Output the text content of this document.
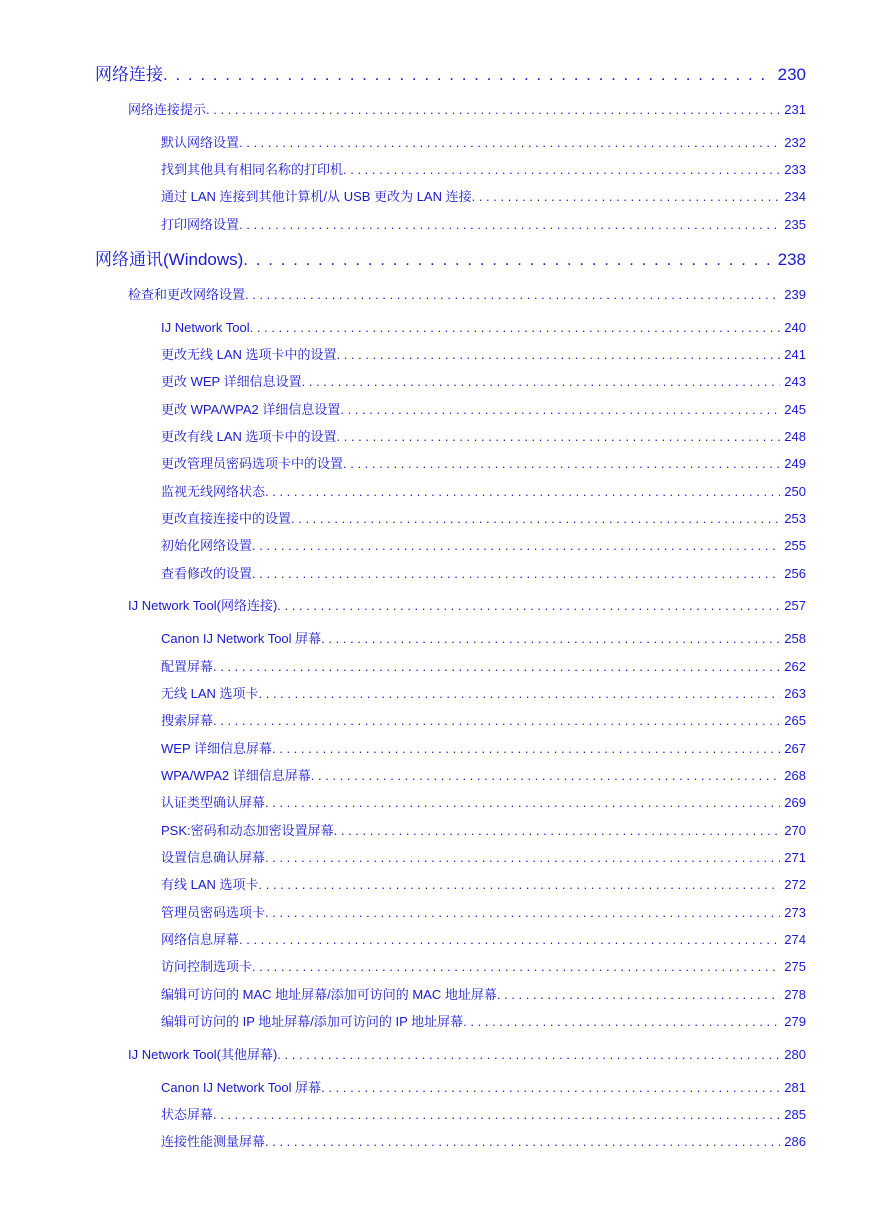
网络连接 . . .	230
网络连接提示 . . .	231
默认网络设置 . . .	232
找到其他具有相同名称的打印机 . . .	233
通过 LAN 连接到其他计算机/从 USB 更改为 LAN 连接 . . .	234
打印网络设置 . . .	235
网络通讯(Windows) . . .	238
检查和更改网络设置 . . .	239
IJ Network Tool . . .	240
更改无线 LAN 选项卡中的设置 . . .	241
更改 WEP 详细信息设置 . . .	243
更改 WPA/WPA2 详细信息设置 . . .	245
更改有线 LAN 选项卡中的设置 . . .	248
更改管理员密码选项卡中的设置 . . .	249
监视无线网络状态 . . .	250
更改直接连接中的设置 . . .	253
初始化网络设置 . . .	255
查看修改的设置 . . .	256
IJ Network Tool(网络连接) . . .	257
Canon IJ Network Tool 屏幕 . . .	258
配置屏幕 . . .	262
无线 LAN 选项卡 . . .	263
搜索屏幕 . . .	265
WEP 详细信息屏幕 . . .	267
WPA/WPA2 详细信息屏幕 . . .	268
认证类型确认屏幕 . . .	269
PSK:密码和动态加密设置屏幕 . . .	270
设置信息确认屏幕 . . .	271
有线 LAN 选项卡 . . .	272
管理员密码选项卡 . . .	273
网络信息屏幕 . . .	274
访问控制选项卡 . . .	275
编辑可访问的 MAC 地址屏幕/添加可访问的 MAC 地址屏幕 . . .	278
编辑可访问的 IP 地址屏幕/添加可访问的 IP 地址屏幕 . . .	279
IJ Network Tool(其他屏幕) . . .	280
Canon IJ Network Tool 屏幕 . . .	281
状态屏幕 . . .	285
连接性能测量屏幕 . . .	286
